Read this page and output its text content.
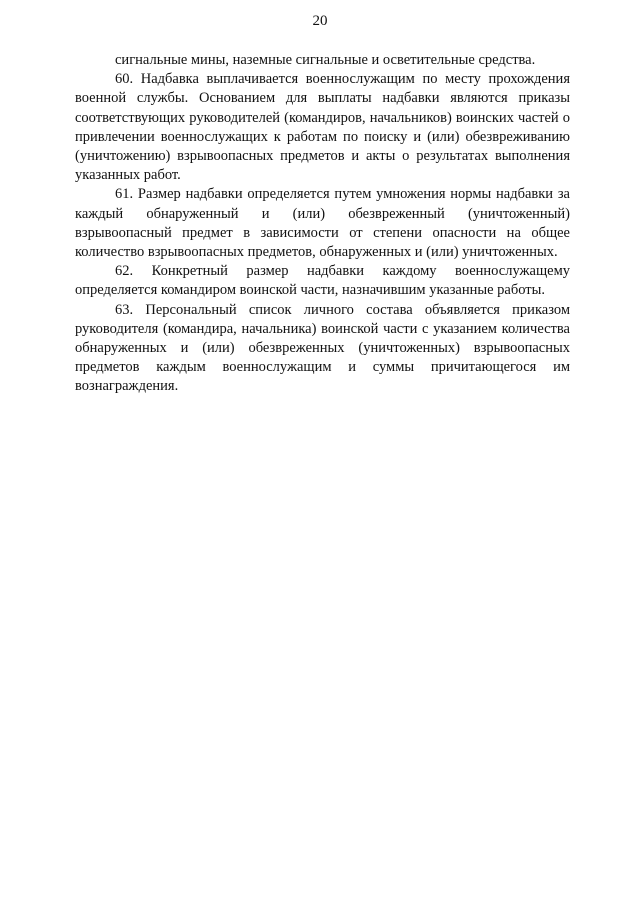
20

сигнальные мины, наземные сигнальные и осветительные средства.

60. Надбавка выплачивается военнослужащим по месту прохождения военной службы. Основанием для выплаты надбавки являются приказы соответствующих руководителей (командиров, начальников) воинских частей о привлечении военнослужащих к работам по поиску и (или) обезвреживанию (уничтожению) взрывоопасных предметов и акты о результатах выполнения указанных работ.

61. Размер надбавки определяется путем умножения нормы надбавки за каждый обнаруженный и (или) обезвреженный (уничтоженный) взрывоопасный предмет в зависимости от степени опасности на общее количество взрывоопасных предметов, обнаруженных и (или) уничтоженных.

62. Конкретный размер надбавки каждому военнослужащему определяется командиром воинской части, назначившим указанные работы.

63. Персональный список личного состава объявляется приказом руководителя (командира, начальника) воинской части с указанием количества обнаруженных и (или) обезвреженных (уничтоженных) взрывоопасных предметов каждым военнослужащим и суммы причитающегося им вознаграждения.
